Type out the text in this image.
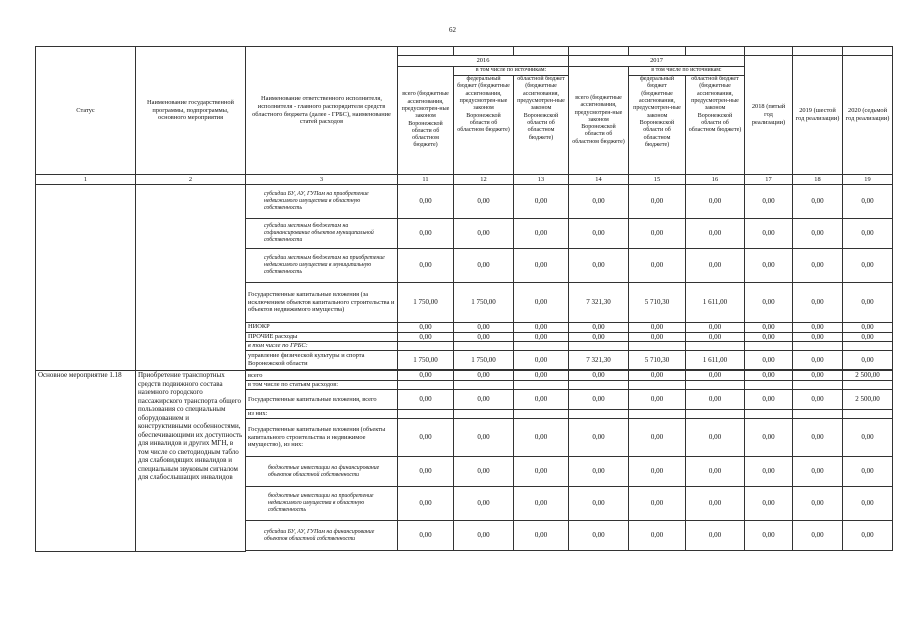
62
Статус	Наименование государственной программы, подпрограммы, основного мероприятия	Наименование ответственного исполнителя, исполнителя - главного распорядителя средств областного бюджета (далее - ГРБС), наименование статей расходов									
			2016			2017			2018 (пятый год реализации)	2019 (шестой год реализации)	2020 (седьмой год реализации)
			всего (бюджетные ассигнования, предусмотрен-ные законом Воронежской области об областном бюджете)	в том числе по источникам:		всего (бюджетные ассигнования, предусмотрен-ные законом Воронежской области об областном бюджете)	в том числе по источникам:				
				федеральный бюджет (бюджетные ассигнования, предусмотрен-ные законом Воронежской области об областном бюджете)	областной бюджет (бюджетные ассигнования, предусмотрен-ные законом Воронежской области об областном бюджете)		федеральный бюджет (бюджетные ассигнования, предусмотрен-ные законом Воронежской области об областном бюджете)	областной бюджет (бюджетные ассигнования, предусмотрен-ные законом Воронежской области об областном бюджете)			
1	2	3	11	12	13	14	15	16	17	18	19
		субсидии БУ, АУ, ГУПам на приобретение недвижимого имущества в областную собственность	0,00	0,00	0,00	0,00	0,00	0,00	0,00	0,00	0,00
		субсидии местным бюджетам на софинансирование объектов муниципальной собственности	0,00	0,00	0,00	0,00	0,00	0,00	0,00	0,00	0,00
		субсидии местным бюджетам на приобретение недвижимого имущества в муниципальную собственность	0,00	0,00	0,00	0,00	0,00	0,00	0,00	0,00	0,00
		Государственные капитальные вложения (за исключением объектов капитального строительства и объектов недвижимого имущества)	1 750,00	1 750,00	0,00	7 321,30	5 710,30	1 611,00	0,00	0,00	0,00
		НИОКР	0,00	0,00	0,00	0,00	0,00	0,00	0,00	0,00	0,00
		ПРОЧИЕ расходы	0,00	0,00	0,00	0,00	0,00	0,00	0,00	0,00	0,00
		в том числе по ГРБС:									
		управление физической культуры и спорта Воронежской области	1 750,00	1 750,00	0,00	7 321,30	5 710,30	1 611,00	0,00	0,00	0,00

Основное мероприятие 1.18	Приобретение транспортных средств подвижного состава наземного городского пассажирского транспорта общего пользования со специальным оборудованием и конструктивными особенностями, обеспечивающими их доступность для инвалидов и других МГН, в том числе со светодиодным табло для слабовидящих инвалидов и специальным звуковым сигналом для слабослышащих инвалидов	всего	0,00	0,00	0,00	0,00	0,00	0,00	0,00	0,00	2 500,00
		в том числе по статьям расходов:									
		Государственные капитальные вложения, всего	0,00	0,00	0,00	0,00	0,00	0,00	0,00	0,00	2 500,00
		из них:									
		Государственные капитальные вложения (объекты капитального строительства и недвижимое имущество), из них:	0,00	0,00	0,00	0,00	0,00	0,00	0,00	0,00	0,00
		бюджетные инвестиции на финансирование объектов областной собственности	0,00	0,00	0,00	0,00	0,00	0,00	0,00	0,00	0,00
		бюджетные инвестиции на приобретение недвижимого имущества в областную собственность	0,00	0,00	0,00	0,00	0,00	0,00	0,00	0,00	0,00
		субсидии БУ, АУ, ГУПам на финансирование объектов областной собственности	0,00	0,00	0,00	0,00	0,00	0,00	0,00	0,00	0,00
